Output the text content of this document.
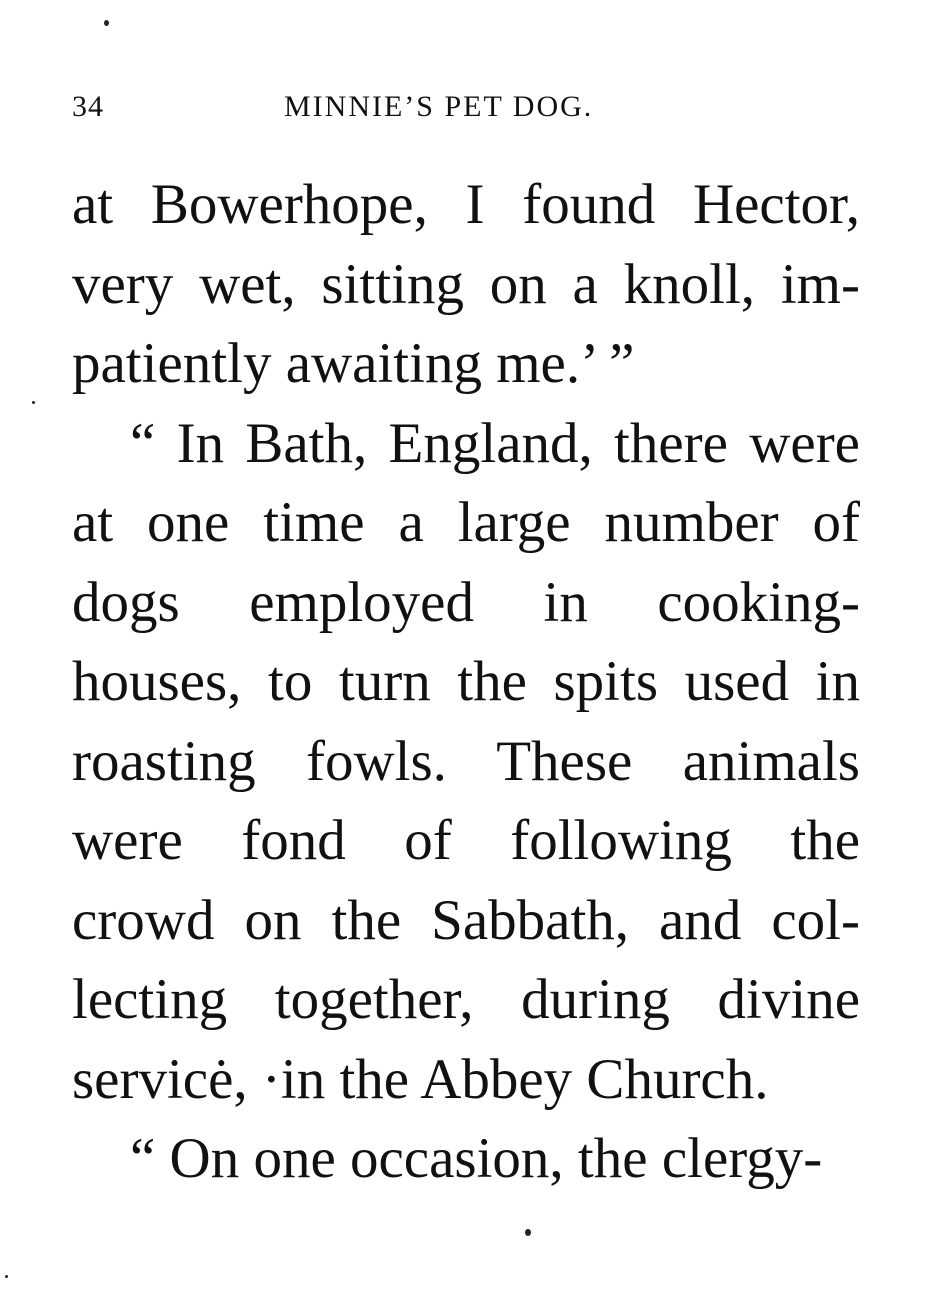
34	MINNIE’S PET DOG.
at Bowerhope, I found Hector,
very wet, sitting on a knoll, im-
patiently awaiting me.’ ”
“ In Bath, England, there were
at one time a large number of
dogs employed in cooking-
houses, to turn the spits used in
roasting fowls. These animals
were fond of following the
crowd on the Sabbath, and col-
lecting together, during divine
servicė, ·in the Abbey Church.
“ On one occasion, the clergy-
